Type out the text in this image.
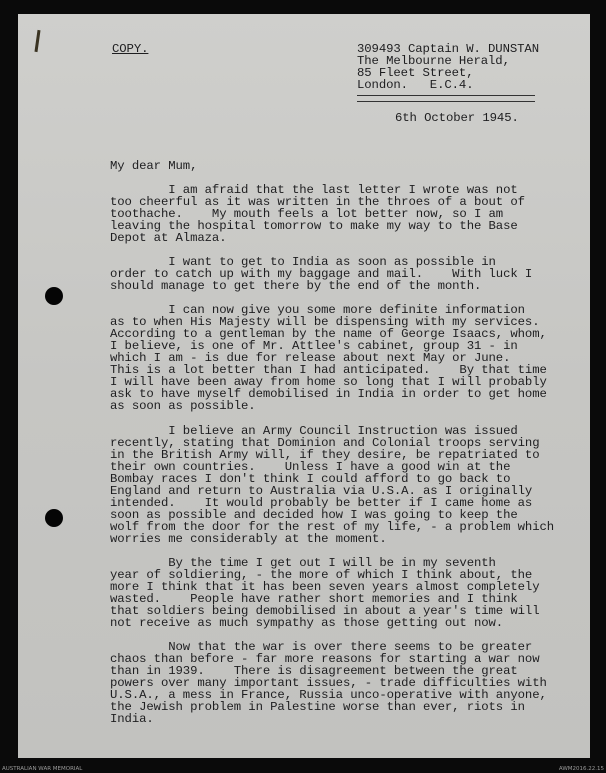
COPY.	309493 Captain W. DUNSTAN
The Melbourne Herald,
85 Fleet Street,
London.   E.C.4.
6th October 1945.
My dear Mum,
I am afraid that the last letter I wrote was not
too cheerful as it was written in the throes of a bout of
toothache.    My mouth feels a lot better now, so I am
leaving the hospital tomorrow to make my way to the Base
Depot at Almaza.
I want to get to India as soon as possible in
order to catch up with my baggage and mail.    With luck I
should manage to get there by the end of the month.
I can now give you some more definite information
as to when His Majesty will be dispensing with my services.
According to a gentleman by the name of George Isaacs, whom,
I believe, is one of Mr. Attlee's cabinet, group 31 - in
which I am - is due for release about next May or June.
This is a lot better than I had anticipated.    By that time
I will have been away from home so long that I will probably
ask to have myself demobilised in India in order to get home
as soon as possible.
I believe an Army Council Instruction was issued
recently, stating that Dominion and Colonial troops serving
in the British Army will, if they desire, be repatriated to
their own countries.    Unless I have a good win at the
Bombay races I don't think I could afford to go back to
England and return to Australia via U.S.A. as I originally
intended.    It would probably be better if I came home as
soon as possible and decided how I was going to keep the
wolf from the door for the rest of my life, - a problem which
worries me considerably at the moment.
By the time I get out I will be in my seventh
year of soldiering, - the more of which I think about, the
more I think that it has been seven years almost completely
wasted.    People have rather short memories and I think
that soldiers being demobilised in about a year's time will
not receive as much sympathy as those getting out now.
Now that the war is over there seems to be greater
chaos than before - far more reasons for starting a war now
than in 1939.    There is disagreement between the great
powers over many important issues, - trade difficulties with
U.S.A., a mess in France, Russia unco-operative with anyone,
the Jewish problem in Palestine worse than ever, riots in
India.
AUSTRALIAN WAR MEMORIAL	AWM2016.22.15
